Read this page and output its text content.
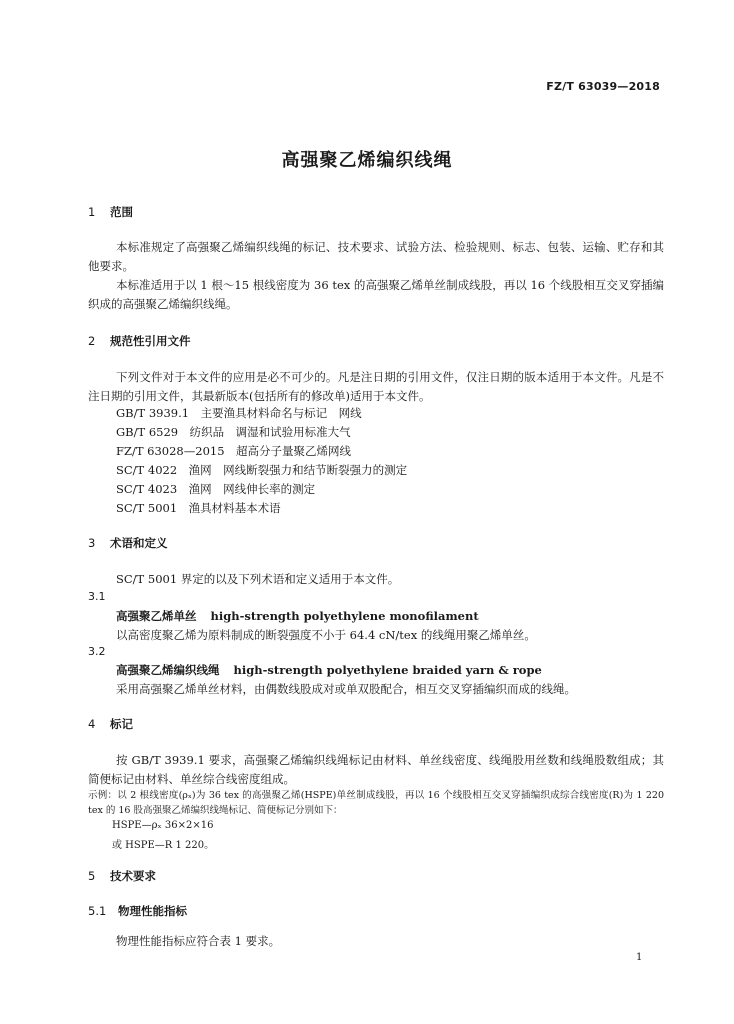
FZ/T 63039—2018
高强聚乙烯编织线绳
1 范围
本标准规定了高强聚乙烯编织线绳的标记、技术要求、试验方法、检验规则、标志、包装、运输、贮存和其他要求。
本标准适用于以 1 根～15 根线密度为 36 tex 的高强聚乙烯单丝制成线股，再以 16 个线股相互交叉穿插编织成的高强聚乙烯编织线绳。
2 规范性引用文件
下列文件对于本文件的应用是必不可少的。凡是注日期的引用文件，仅注日期的版本适用于本文件。凡是不注日期的引用文件，其最新版本(包括所有的修改单)适用于本文件。
GB/T 3939.1　 主要渔具材料命名与标记　网线
GB/T 6529　 纺织品　调湿和试验用标准大气
FZ/T 63028—2015　 超高分子量聚乙烯网线
SC/T 4022　 渔网　网线断裂强力和结节断裂强力的测定
SC/T 4023　 渔网　网线伸长率的测定
SC/T 5001　 渔具材料基本术语
3 术语和定义
SC/T 5001 界定的以及下列术语和定义适用于本文件。
3.1
高强聚乙烯单丝 high-strength polyethylene monofilament
以高密度聚乙烯为原料制成的断裂强度不小于 64.4 cN/tex 的线绳用聚乙烯单丝。
3.2
高强聚乙烯编织线绳 high-strength polyethylene braided yarn & rope
采用高强聚乙烯单丝材料，由偶数线股成对或单双股配合，相互交叉穿插编织而成的线绳。
4 标记
按 GB/T 3939.1 要求，高强聚乙烯编织线绳标记由材料、单丝线密度、线绳股用丝数和线绳股数组成；其简便标记由材料、单丝综合线密度组成。
示例：以 2 根线密度(ρₓ)为 36 tex 的高强聚乙烯(HSPE)单丝制成线股，再以 16 个线股相互交叉穿插编织成综合线密度(R)为 1 220 tex 的 16 股高强聚乙烯编织线绳标记、简便标记分别如下：
HSPE—ρₓ 36×2×16
或 HSPE—R 1 220。
5 技术要求
5.1 物理性能指标
物理性能指标应符合表 1 要求。
1
